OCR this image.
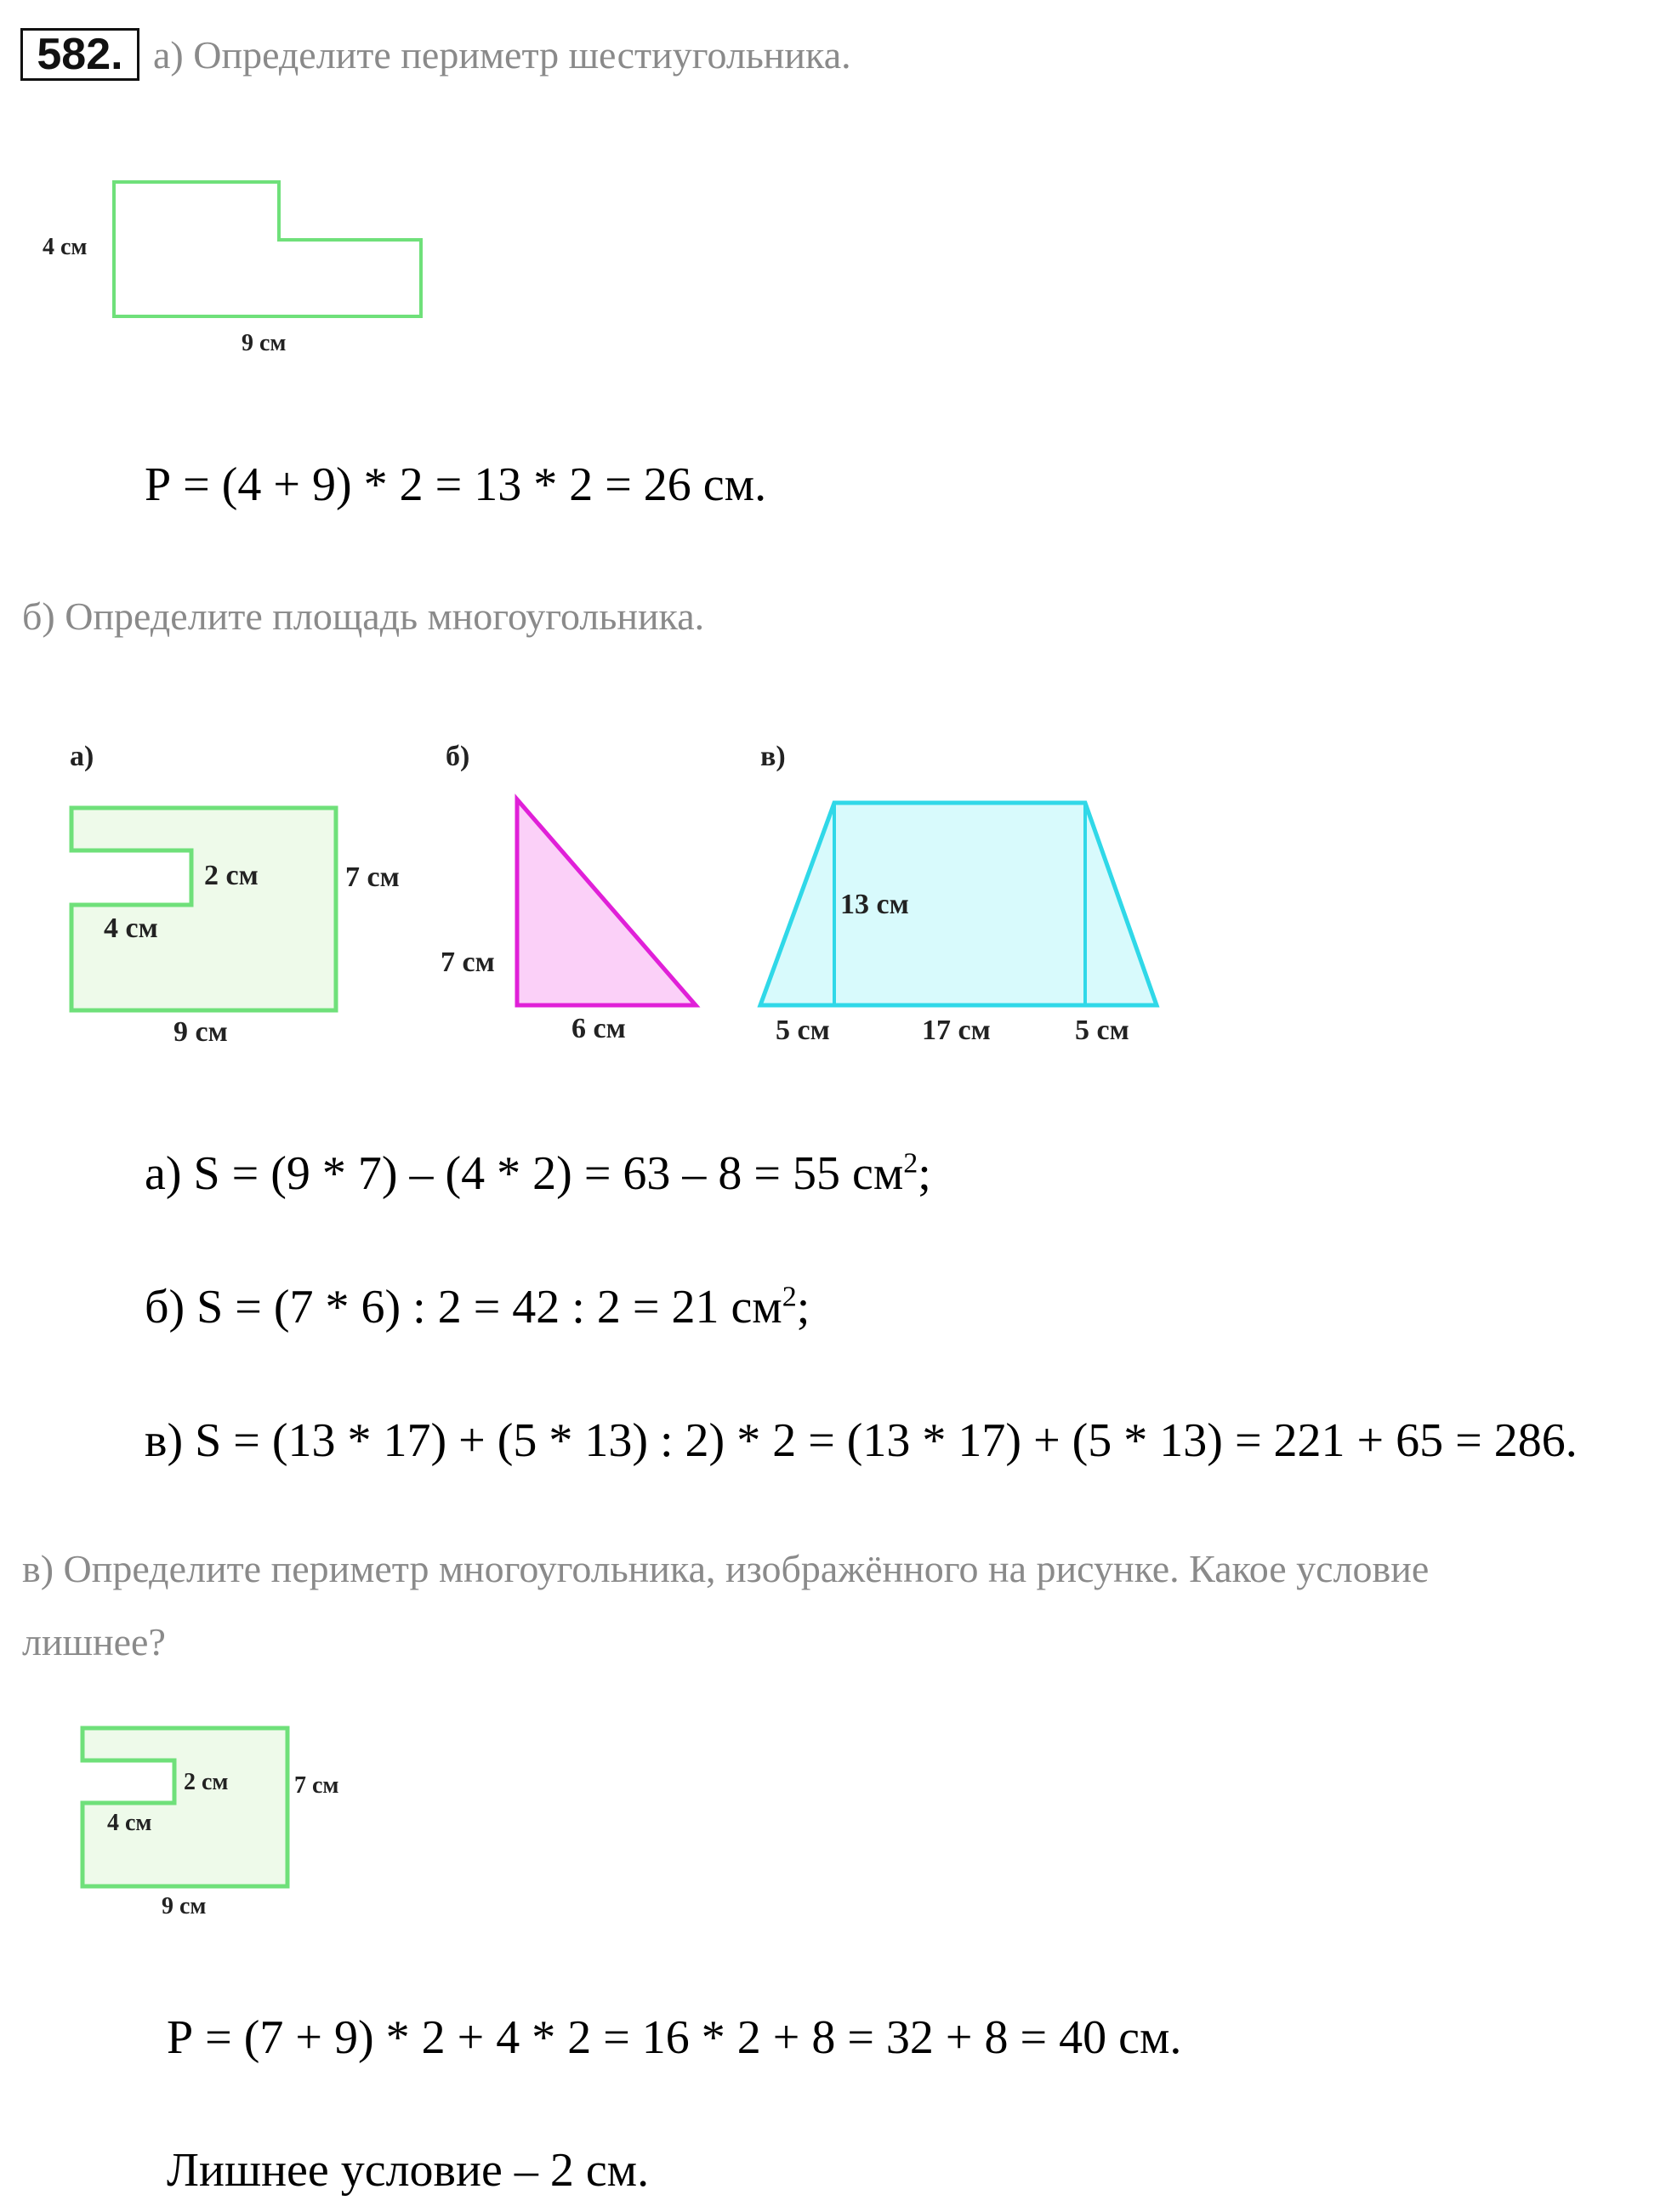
582. а) Определите периметр шестиугольника.
4 см
9 см
Р = (4 + 9) * 2 = 13 * 2 = 26 см.
б) Определите площадь многоугольника.
а)
2 см	7 см
4 см
9 см
б)
7 см
6 см
в)
13 см
5 см	17 см	5 см
а) S = (9 * 7) – (4 * 2) = 63 – 8 = 55 $см^2$;
б) S = (7 * 6) : 2 = 42 : 2 = 21 $см^2$;
в) S = (13 * 17) + (5 * 13) : 2) * 2 = (13 * 17) + (5 * 13) = 221 + 65 = 286.
в) Определите периметр многоугольника, изображённого на рисунке. Какое условие
лишнее?
2 см	7 см
4 см
9 см
Р = (7 + 9) * 2 + 4 * 2 = 16 * 2 + 8 = 32 + 8 = 40 см.
Лишнее условие – 2 см.
